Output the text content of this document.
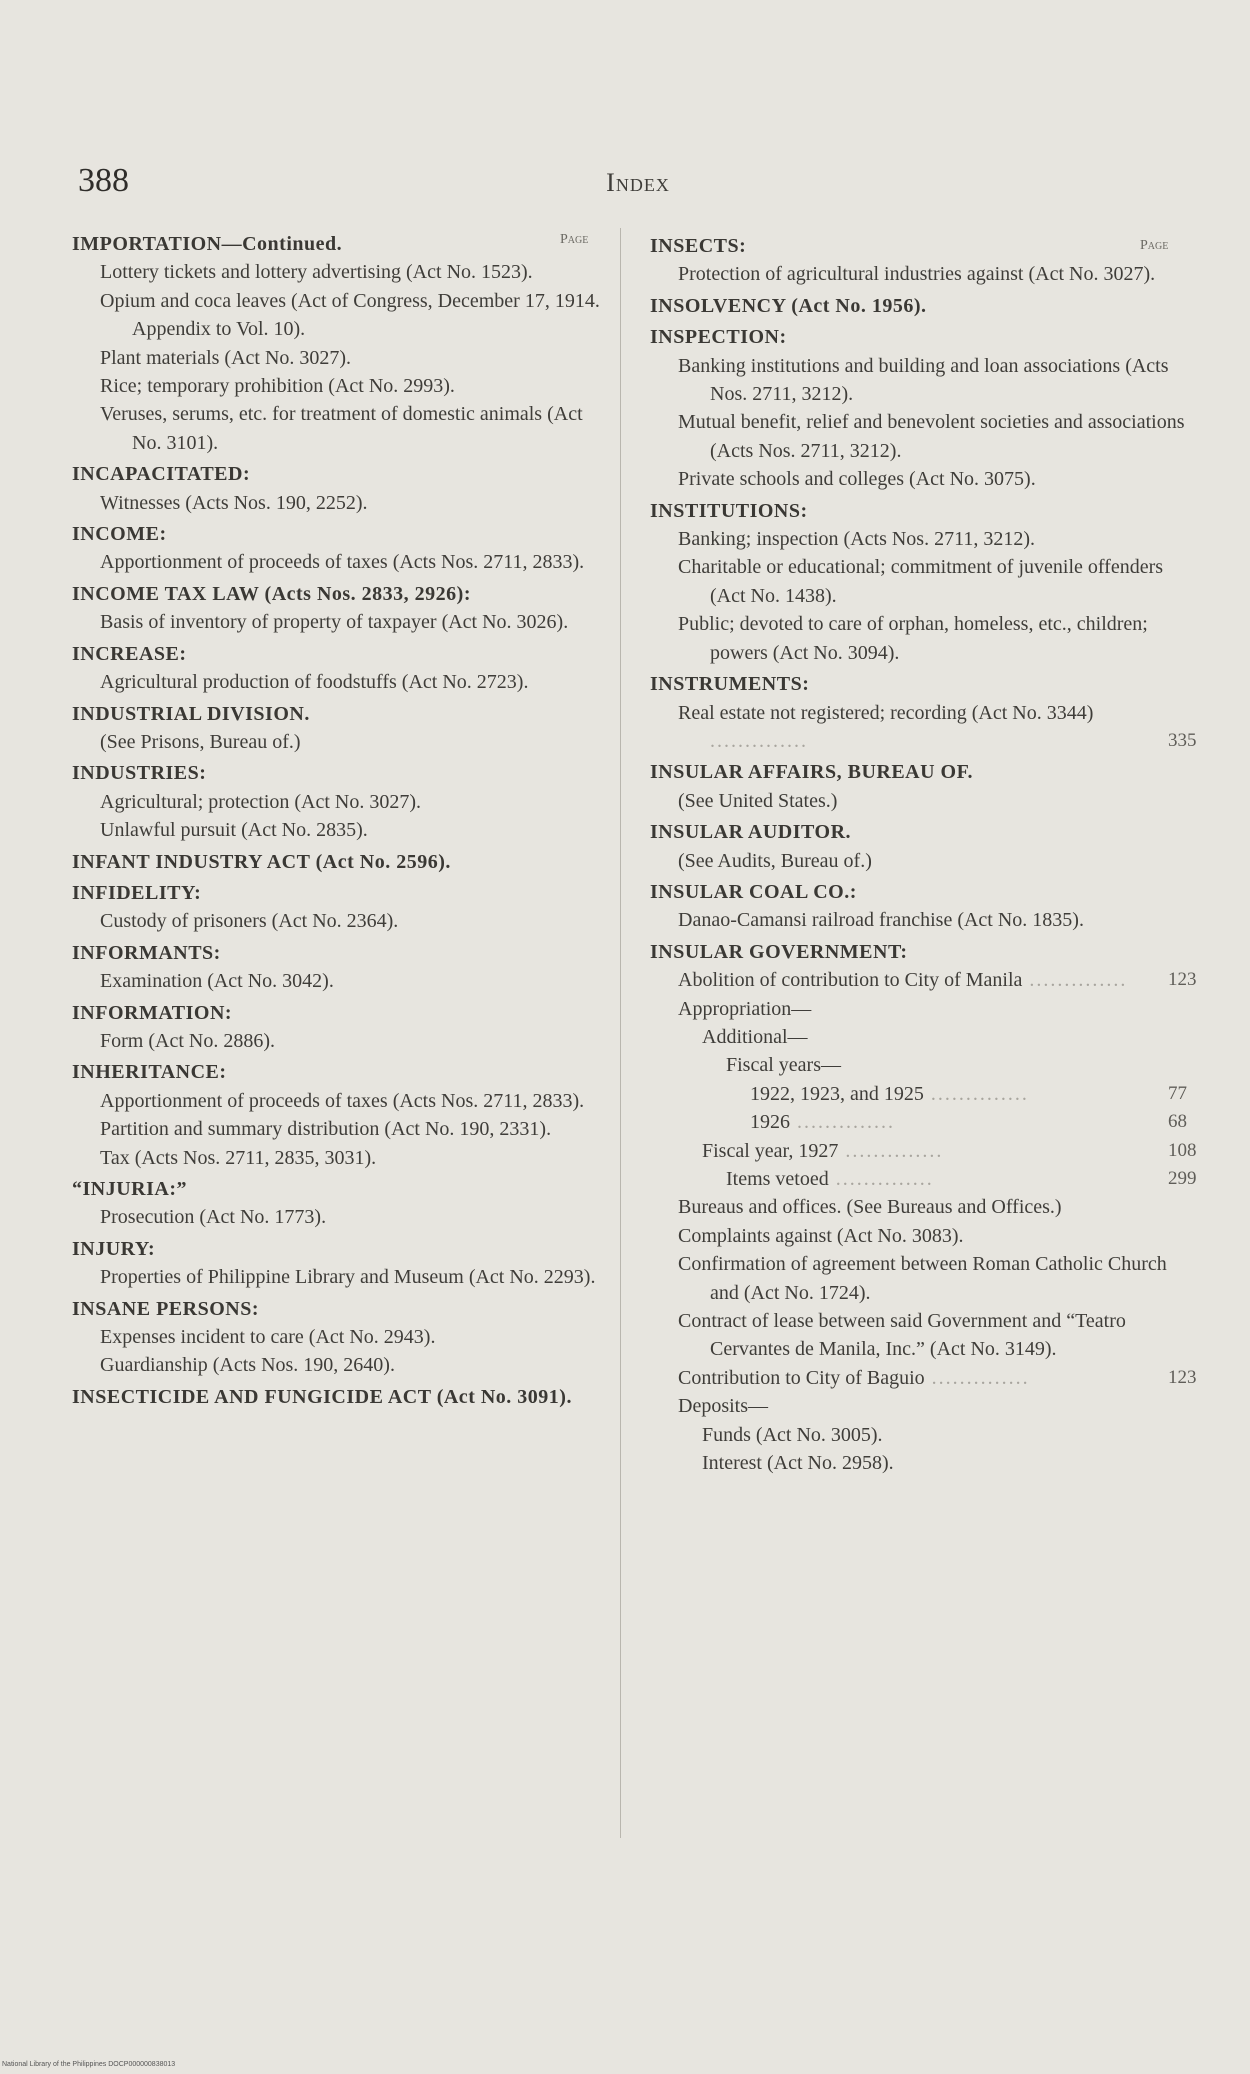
388	Index
Page	Page
IMPORTATION—Continued.
Lottery tickets and lottery advertising (Act No. 1523).
Opium and coca leaves (Act of Congress, December 17, 1914. Appendix to Vol. 10).
Plant materials (Act No. 3027).
Rice; temporary prohibition (Act No. 2993).
Veruses, serums, etc. for treatment of domestic animals (Act No. 3101).
INCAPACITATED:
Witnesses (Acts Nos. 190, 2252).
INCOME:
Apportionment of proceeds of taxes (Acts Nos. 2711, 2833).
INCOME TAX LAW (Acts Nos. 2833, 2926):
Basis of inventory of property of taxpayer (Act No. 3026).
INCREASE:
Agricultural production of foodstuffs (Act No. 2723).
INDUSTRIAL DIVISION.
(See Prisons, Bureau of.)
INDUSTRIES:
Agricultural; protection (Act No. 3027).
Unlawful pursuit (Act No. 2835).
INFANT INDUSTRY ACT (Act No. 2596).
INFIDELITY:
Custody of prisoners (Act No. 2364).
INFORMANTS:
Examination (Act No. 3042).
INFORMATION:
Form (Act No. 2886).
INHERITANCE:
Apportionment of proceeds of taxes (Acts Nos. 2711, 2833).
Partition and summary distribution (Act No. 190, 2331).
Tax (Acts Nos. 2711, 2835, 3031).
“INJURIA:”
Prosecution (Act No. 1773).
INJURY:
Properties of Philippine Library and Museum (Act No. 2293).
INSANE PERSONS:
Expenses incident to care (Act No. 2943).
Guardianship (Acts Nos. 190, 2640).
INSECTICIDE AND FUNGICIDE ACT (Act No. 3091).
INSECTS:
Protection of agricultural industries against (Act No. 3027).
INSOLVENCY (Act No. 1956).
INSPECTION:
Banking institutions and building and loan associations (Acts Nos. 2711, 3212).
Mutual benefit, relief and benevolent societies and associations (Acts Nos. 2711, 3212).
Private schools and colleges (Act No. 3075).
INSTITUTIONS:
Banking; inspection (Acts Nos. 2711, 3212).
Charitable or educational; commitment of juvenile offenders (Act No. 1438).
Public; devoted to care of orphan, homeless, etc., children; powers (Act No. 3094).
INSTRUMENTS:
Real estate not registered; recording (Act No. 3344) ..............	335
INSULAR AFFAIRS, BUREAU OF.
(See United States.)
INSULAR AUDITOR.
(See Audits, Bureau of.)
INSULAR COAL CO.:
Danao-Camansi railroad franchise (Act No. 1835).
INSULAR GOVERNMENT:
Abolition of contribution to City of Manila .............. 123
Appropriation—
Additional—
Fiscal years—
1922, 1923, and 1925 ..............	77
1926 ..............	68
Fiscal year, 1927 ..............	108
Items vetoed ..............	299
Bureaus and offices. (See Bureaus and Offices.)
Complaints against (Act No. 3083).
Confirmation of agreement between Roman Catholic Church and (Act No. 1724).
Contract of lease between said Government and “Teatro Cervantes de Manila, Inc.” (Act No. 3149).
Contribution to City of Baguio ..............	123
Deposits—
Funds (Act No. 3005).
Interest (Act No. 2958).
National Library of the Philippines DOCP000000838013
